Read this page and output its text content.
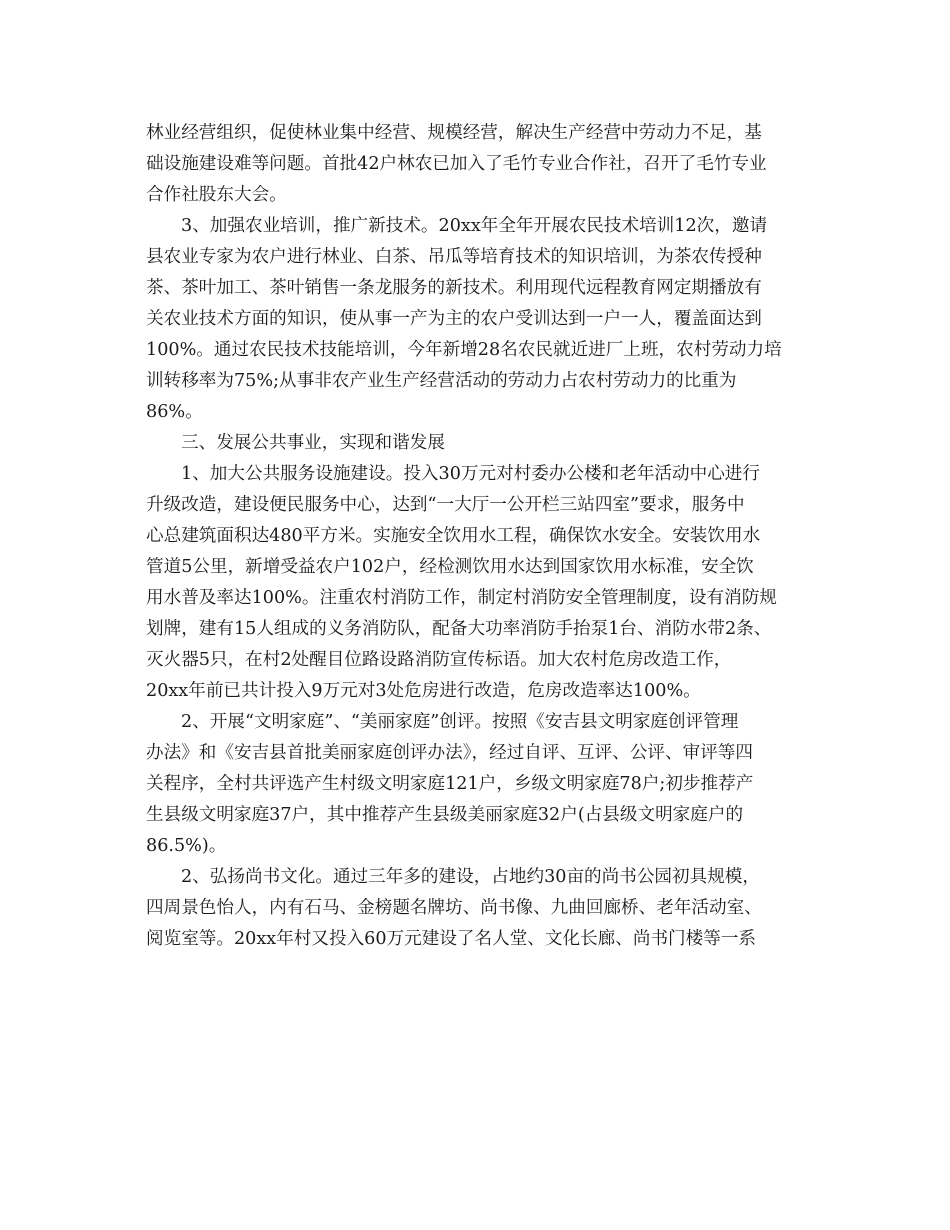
林业经营组织，促使林业集中经营、规模经营，解决生产经营中劳动力不足，基
础设施建设难等问题。首批42户林农已加入了毛竹专业合作社，召开了毛竹专业
合作社股东大会。
3、加强农业培训，推广新技术。20xx年全年开展农民技术培训12次，邀请
县农业专家为农户进行林业、白茶、吊瓜等培育技术的知识培训，为茶农传授种
茶、茶叶加工、茶叶销售一条龙服务的新技术。利用现代远程教育网定期播放有
关农业技术方面的知识，使从事一产为主的农户受训达到一户一人，覆盖面达到
100%。通过农民技术技能培训，今年新增28名农民就近进厂上班，农村劳动力培
训转移率为75%;从事非农产业生产经营活动的劳动力占农村劳动力的比重为
86%。
三、发展公共事业，实现和谐发展
1、加大公共服务设施建设。投入30万元对村委办公楼和老年活动中心进行
升级改造，建设便民服务中心，达到“一大厅一公开栏三站四室”要求，服务中
心总建筑面积达480平方米。实施安全饮用水工程，确保饮水安全。安装饮用水
管道5公里，新增受益农户102户，经检测饮用水达到国家饮用水标准，安全饮
用水普及率达100%。注重农村消防工作，制定村消防安全管理制度，设有消防规
划牌，建有15人组成的义务消防队，配备大功率消防手抬泵1台、消防水带2条、
灭火器5只，在村2处醒目位路设路消防宣传标语。加大农村危房改造工作，
20xx年前已共计投入9万元对3处危房进行改造，危房改造率达100%。
2、开展“文明家庭”、“美丽家庭”创评。按照《安吉县文明家庭创评管理
办法》和《安吉县首批美丽家庭创评办法》，经过自评、互评、公评、审评等四
关程序，全村共评选产生村级文明家庭121户，乡级文明家庭78户;初步推荐产
生县级文明家庭37户，其中推荐产生县级美丽家庭32户(占县级文明家庭户的
86.5%)。
2、弘扬尚书文化。通过三年多的建设，占地约30亩的尚书公园初具规模，
四周景色怡人，内有石马、金榜题名牌坊、尚书像、九曲回廊桥、老年活动室、
阅览室等。20xx年村又投入60万元建设了名人堂、文化长廊、尚书门楼等一系
